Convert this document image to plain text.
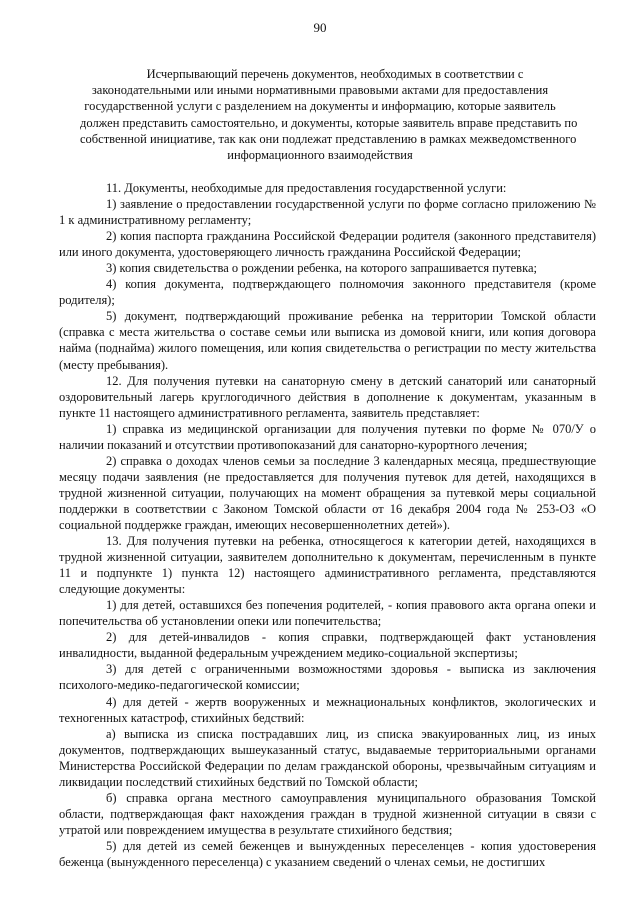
90
Исчерпывающий перечень документов, необходимых в соответствии с
законодательными или иными нормативными правовыми актами для предоставления
государственной услуги с разделением на документы и информацию, которые заявитель
должен представить самостоятельно, и документы, которые заявитель вправе представить по
собственной инициативе, так как они подлежат представлению в рамках межведомственного
информационного взаимодействия

11. Документы, необходимые для предоставления государственной услуги:

1) заявление о предоставлении государственной услуги по форме согласно приложению № 1 к административному регламенту;

2) копия паспорта гражданина Российской Федерации родителя (законного представителя) или иного документа, удостоверяющего личность гражданина Российской Федерации;

3) копия свидетельства о рождении ребенка, на которого запрашивается путевка;

4) копия документа, подтверждающего полномочия законного представителя (кроме родителя);

5) документ, подтверждающий проживание ребенка на территории Томской области (справка с места жительства о составе семьи или выписка из домовой книги, или копия договора найма (поднайма) жилого помещения, или копия свидетельства о регистрации по месту жительства (месту пребывания).

12. Для получения путевки на санаторную смену в детский санаторий или санаторный оздоровительный лагерь круглогодичного действия в дополнение к документам, указанным в пункте 11 настоящего административного регламента, заявитель представляет:

1) справка из медицинской организации для получения путевки по форме № 070/У о наличии показаний и отсутствии противопоказаний для санаторно-курортного лечения;

2) справка о доходах членов семьи за последние 3 календарных месяца, предшествующие месяцу подачи заявления (не предоставляется для получения путевок для детей, находящихся в трудной жизненной ситуации, получающих на момент обращения за путевкой меры социальной поддержки в соответствии с Законом Томской области от 16 декабря 2004 года № 253-ОЗ «О социальной поддержке граждан, имеющих несовершеннолетних детей»).

13. Для получения путевки на ребенка, относящегося к категории детей, находящихся в трудной жизненной ситуации, заявителем дополнительно к документам, перечисленным в пункте 11 и подпункте 1) пункта 12) настоящего административного регламента, представляются следующие документы:

1) для детей, оставшихся без попечения родителей, - копия правового акта органа опеки и попечительства об установлении опеки или попечительства;

2) для детей-инвалидов - копия справки, подтверждающей факт установления инвалидности, выданной федеральным учреждением медико-социальной экспертизы;

3) для детей с ограниченными возможностями здоровья - выписка из заключения психолого-медико-педагогической комиссии;

4) для детей - жертв вооруженных и межнациональных конфликтов, экологических и техногенных катастроф, стихийных бедствий:

а) выписка из списка пострадавших лиц, из списка эвакуированных лиц, из иных документов, подтверждающих вышеуказанный статус, выдаваемые территориальными органами Министерства Российской Федерации по делам гражданской обороны, чрезвычайным ситуациям и ликвидации последствий стихийных бедствий по Томской области;

б) справка органа местного самоуправления муниципального образования Томской области, подтверждающая факт нахождения граждан в трудной жизненной ситуации в связи с утратой или повреждением имущества в результате стихийного бедствия;

5) для детей из семей беженцев и вынужденных переселенцев - копия удостоверения беженца (вынужденного переселенца) с указанием сведений о членах семьи, не достигших
